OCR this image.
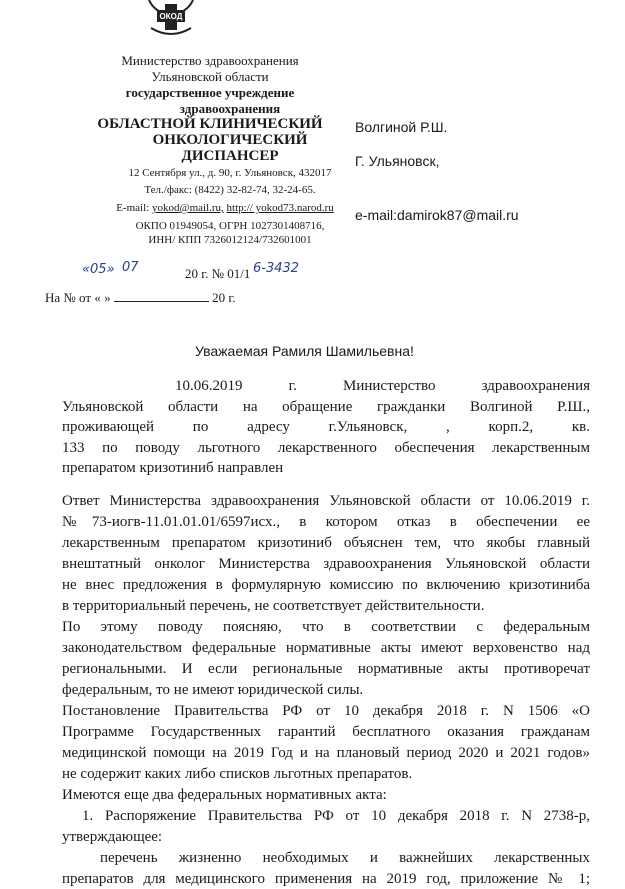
ОКОД
Министерство здравоохранения
Ульяновской области
государственное учреждение
здравоохранения
ОБЛАСТНОЙ КЛИНИЧЕСКИЙ
ОНКОЛОГИЧЕСКИЙ
ДИСПАНСЕР
12 Сентября ул., д. 90, г. Ульяновск, 432017
Тел./факс: (8422) 32-82-74, 32-24-65.
E-mail: yokod@mail.ru, http:// yokod73.narod.ru
ОКПО 01949054, ОГРН 1027301408716,
ИНН/ КПП 7326012124/732601001
«05» 07	20 г. № 01/1 6-3432
На № от « »	20 г.
Волгиной Р.Ш.
Г. Ульяновск,
e-mail:damirok87@mail.ru
Уважаемая Рамиля Шамильевна!
10.06.2019 г. Министерство здравоохранения
Ульяновской области на обращение гражданки Волгиной Р.Ш.,
проживающей по адресу г.Ульяновск, , корп.2, кв.
133 по поводу льготного лекарственного обеспечения лекарственным
препаратом кризотиниб направлен
Ответ Министерства здравоохранения Ульяновской области от 10.06.2019 г.
№73-иогв-11.01.01.01/6597исх., в котором отказ в обеспечении ее
лекарственным препаратом кризотиниб объяснен тем, что якобы главный
внештатный онколог Министерства здравоохранения Ульяновской области
не внес предложения в формулярную комиссию по включению кризотиниба
в территориальный перечень, не соответствует действительности.
По этому поводу поясняю, что в соответствии с федеральным
законодательством федеральные нормативные акты имеют верховенство над
региональными. И если региональные нормативные акты противоречат
федеральным, то не имеют юридической силы.
Постановление Правительства РФ от 10 декабря 2018 г. N 1506 «О
Программе Государственных гарантий бесплатного оказания гражданам
медицинской помощи на 2019 Год и на плановый период 2020 и 2021 годов»
не содержит каких либо списков льготных препаратов.
Имеются еще два федеральных нормативных акта:
1. Распоряжение Правительства РФ от 10 декабря 2018 г. N 2738-р,
утверждающее:
перечень жизненно необходимых и важнейших лекарственных
препаратов для медицинского применения на 2019 год, приложение № 1;
